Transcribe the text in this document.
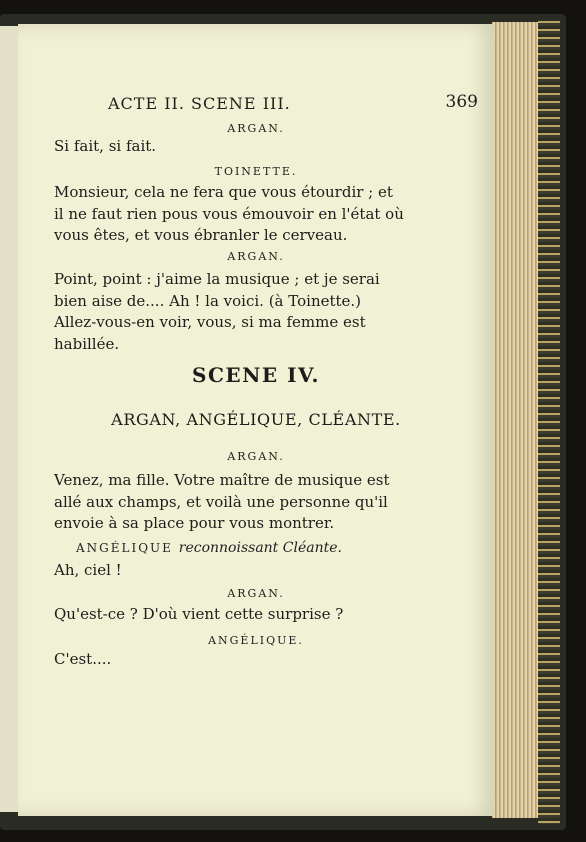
ACTE II. SCENE III.	369
ARGAN.
Si fait, si fait.
TOINETTE.
Monsieur, cela ne fera que vous étourdir ; et
il ne faut rien pous vous émouvoir en l'état où
vous êtes, et vous ébranler le cerveau.
ARGAN.
Point, point : j'aime la musique ; et je serai
bien aise de.... Ah ! la voici. (à Toinette.)
Allez-vous-en voir, vous, si ma femme est
habillée.
SCENE IV.
ARGAN, ANGÉLIQUE, CLÉANTE.
ARGAN.
Venez, ma fille. Votre maître de musique est
allé aux champs, et voilà une personne qu'il
envoie à sa place pour vous montrer.
ANGÉLIQUE reconnoissant Cléante.
Ah, ciel !
ARGAN.
Qu'est-ce ? D'où vient cette surprise ?
ANGÉLIQUE.
C'est....
